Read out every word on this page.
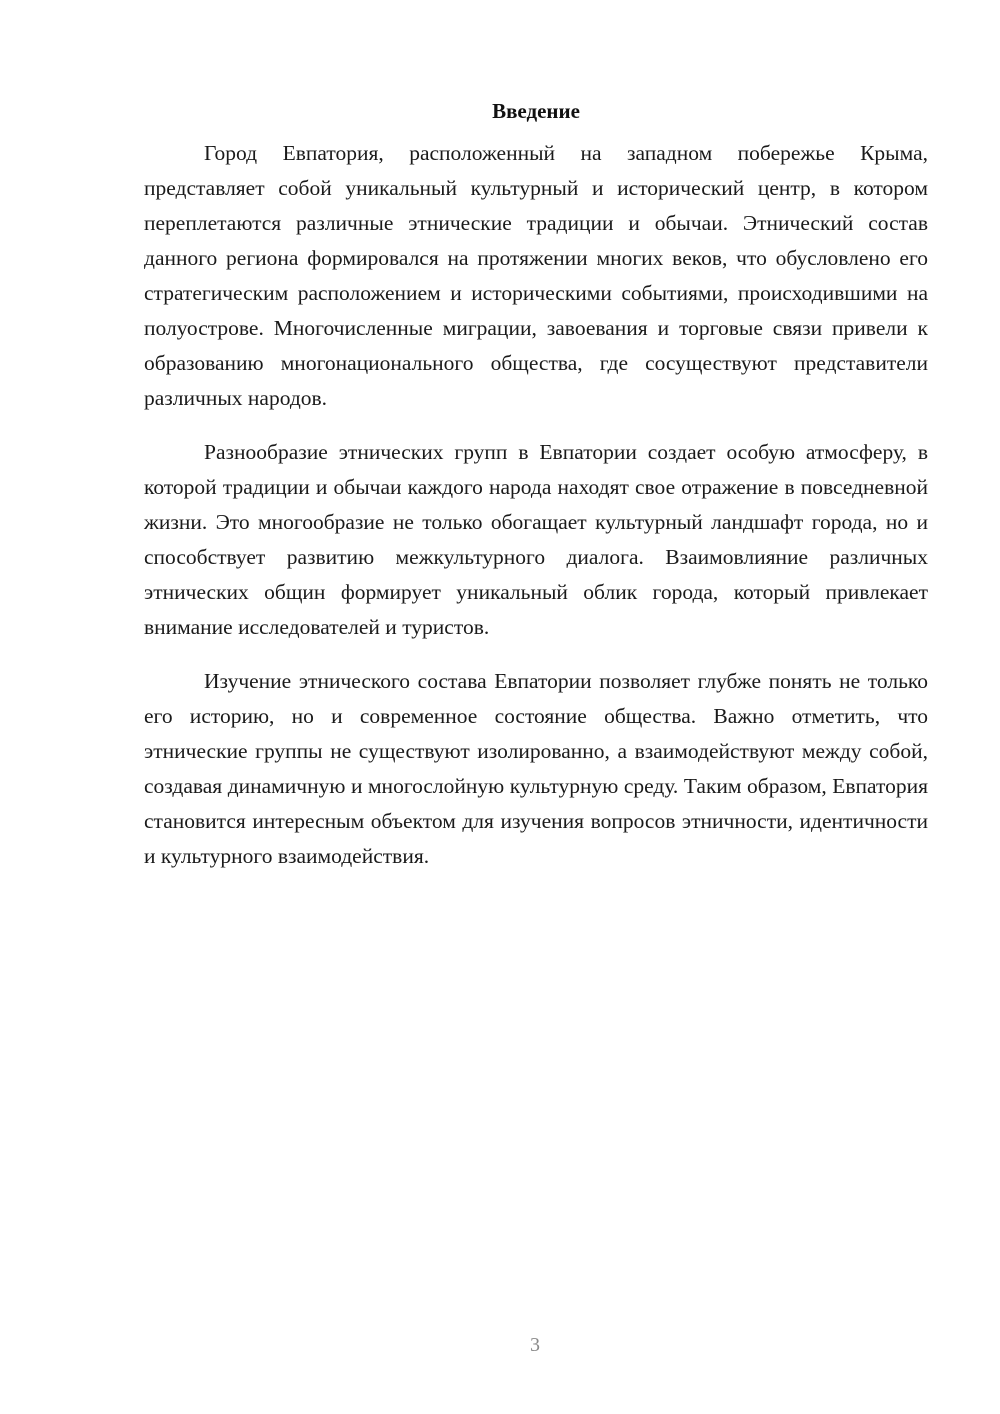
Введение

Город Евпатория, расположенный на западном побережье Крыма, представляет собой уникальный культурный и исторический центр, в котором переплетаются различные этнические традиции и обычаи. Этнический состав данного региона формировался на протяжении многих веков, что обусловлено его стратегическим расположением и историческими событиями, происходившими на полуострове. Многочисленные миграции, завоевания и торговые связи привели к образованию многонационального общества, где сосуществуют представители различных народов.

Разнообразие этнических групп в Евпатории создает особую атмосферу, в которой традиции и обычаи каждого народа находят свое отражение в повседневной жизни. Это многообразие не только обогащает культурный ландшафт города, но и способствует развитию межкультурного диалога. Взаимовлияние различных этнических общин формирует уникальный облик города, который привлекает внимание исследователей и туристов.

Изучение этнического состава Евпатории позволяет глубже понять не только его историю, но и современное состояние общества. Важно отметить, что этнические группы не существуют изолированно, а взаимодействуют между собой, создавая динамичную и многослойную культурную среду. Таким образом, Евпатория становится интересным объектом для изучения вопросов этничности, идентичности и культурного взаимодействия.

3
